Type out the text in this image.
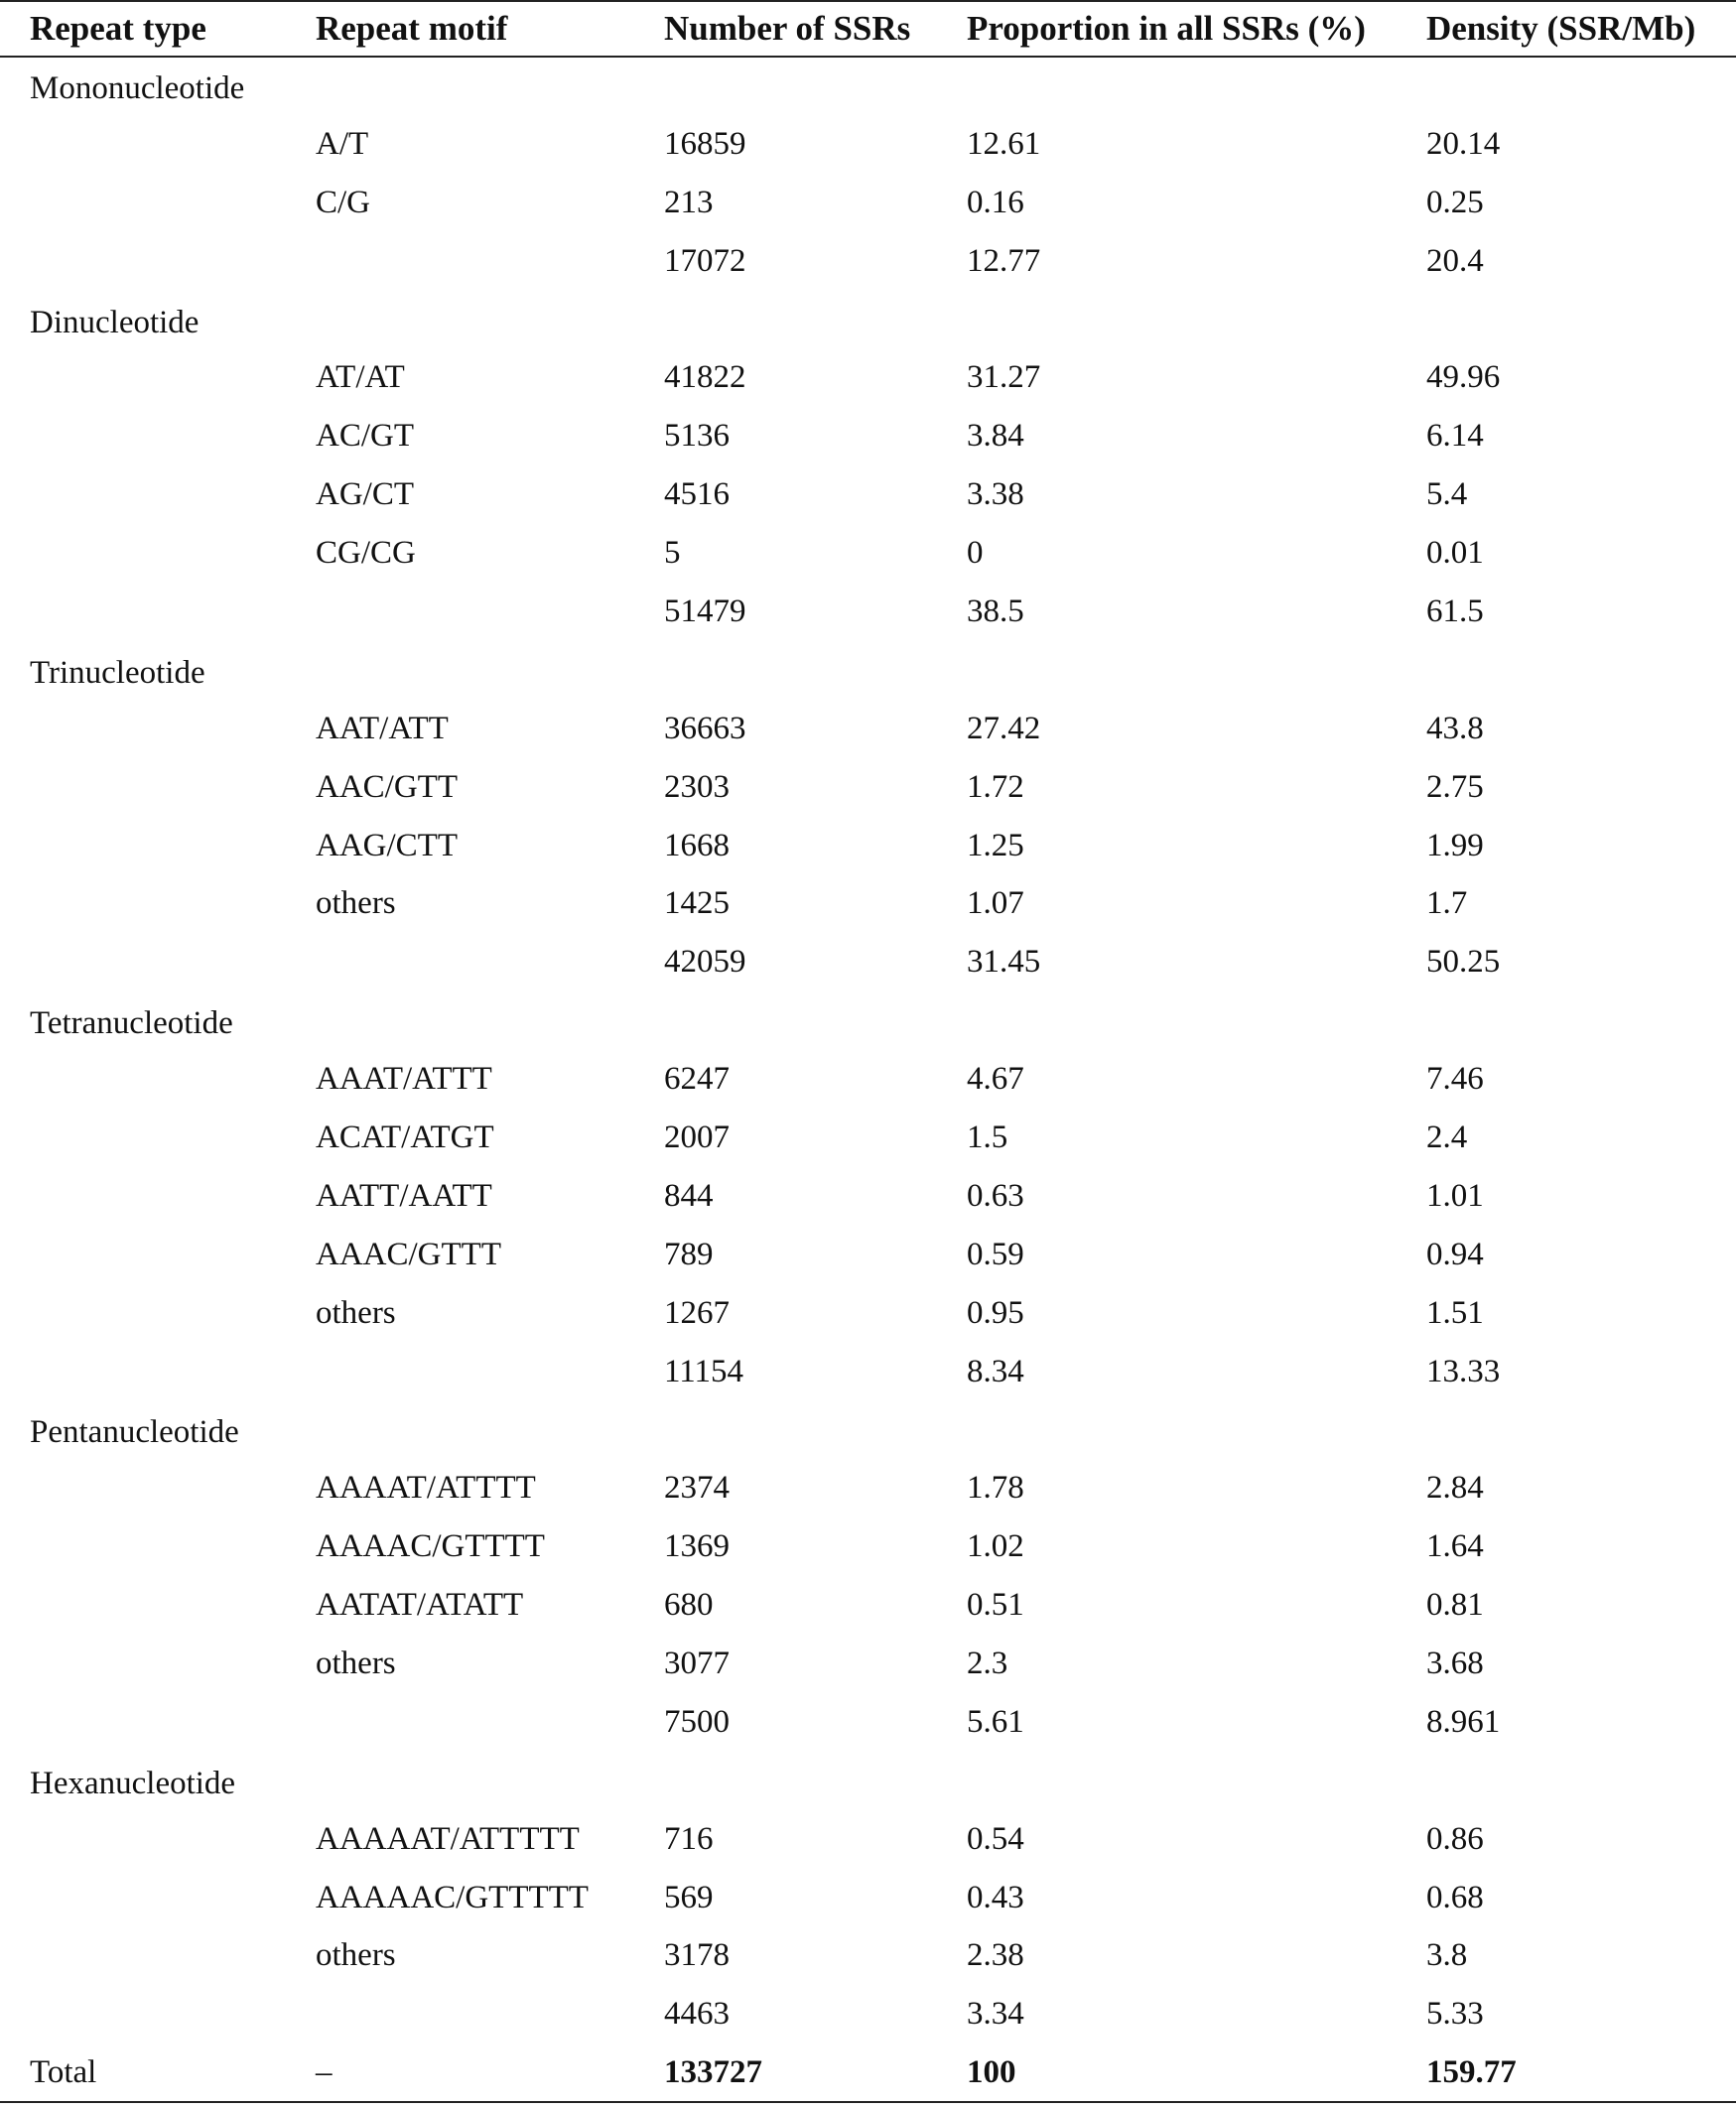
Repeat type	Repeat motif	Number of SSRs	Proportion in all SSRs (%)	Density (SSR/Mb)
Mononucleotide				
	A/T	16859	12.61	20.14
	C/G	213	0.16	0.25
		17072	12.77	20.4
Dinucleotide				
	AT/AT	41822	31.27	49.96
	AC/GT	5136	3.84	6.14
	AG/CT	4516	3.38	5.4
	CG/CG	5	0	0.01
		51479	38.5	61.5
Trinucleotide				
	AAT/ATT	36663	27.42	43.8
	AAC/GTT	2303	1.72	2.75
	AAG/CTT	1668	1.25	1.99
	others	1425	1.07	1.7
		42059	31.45	50.25
Tetranucleotide				
	AAAT/ATTT	6247	4.67	7.46
	ACAT/ATGT	2007	1.5	2.4
	AATT/AATT	844	0.63	1.01
	AAAC/GTTT	789	0.59	0.94
	others	1267	0.95	1.51
		11154	8.34	13.33
Pentanucleotide				
	AAAAT/ATTTT	2374	1.78	2.84
	AAAAC/GTTTT	1369	1.02	1.64
	AATAT/ATATT	680	0.51	0.81
	others	3077	2.3	3.68
		7500	5.61	8.961
Hexanucleotide				
	AAAAAT/ATTTTT	716	0.54	0.86
	AAAAAC/GTTTTT	569	0.43	0.68
	others	3178	2.38	3.8
		4463	3.34	5.33
Total	–	133727	100	159.77
